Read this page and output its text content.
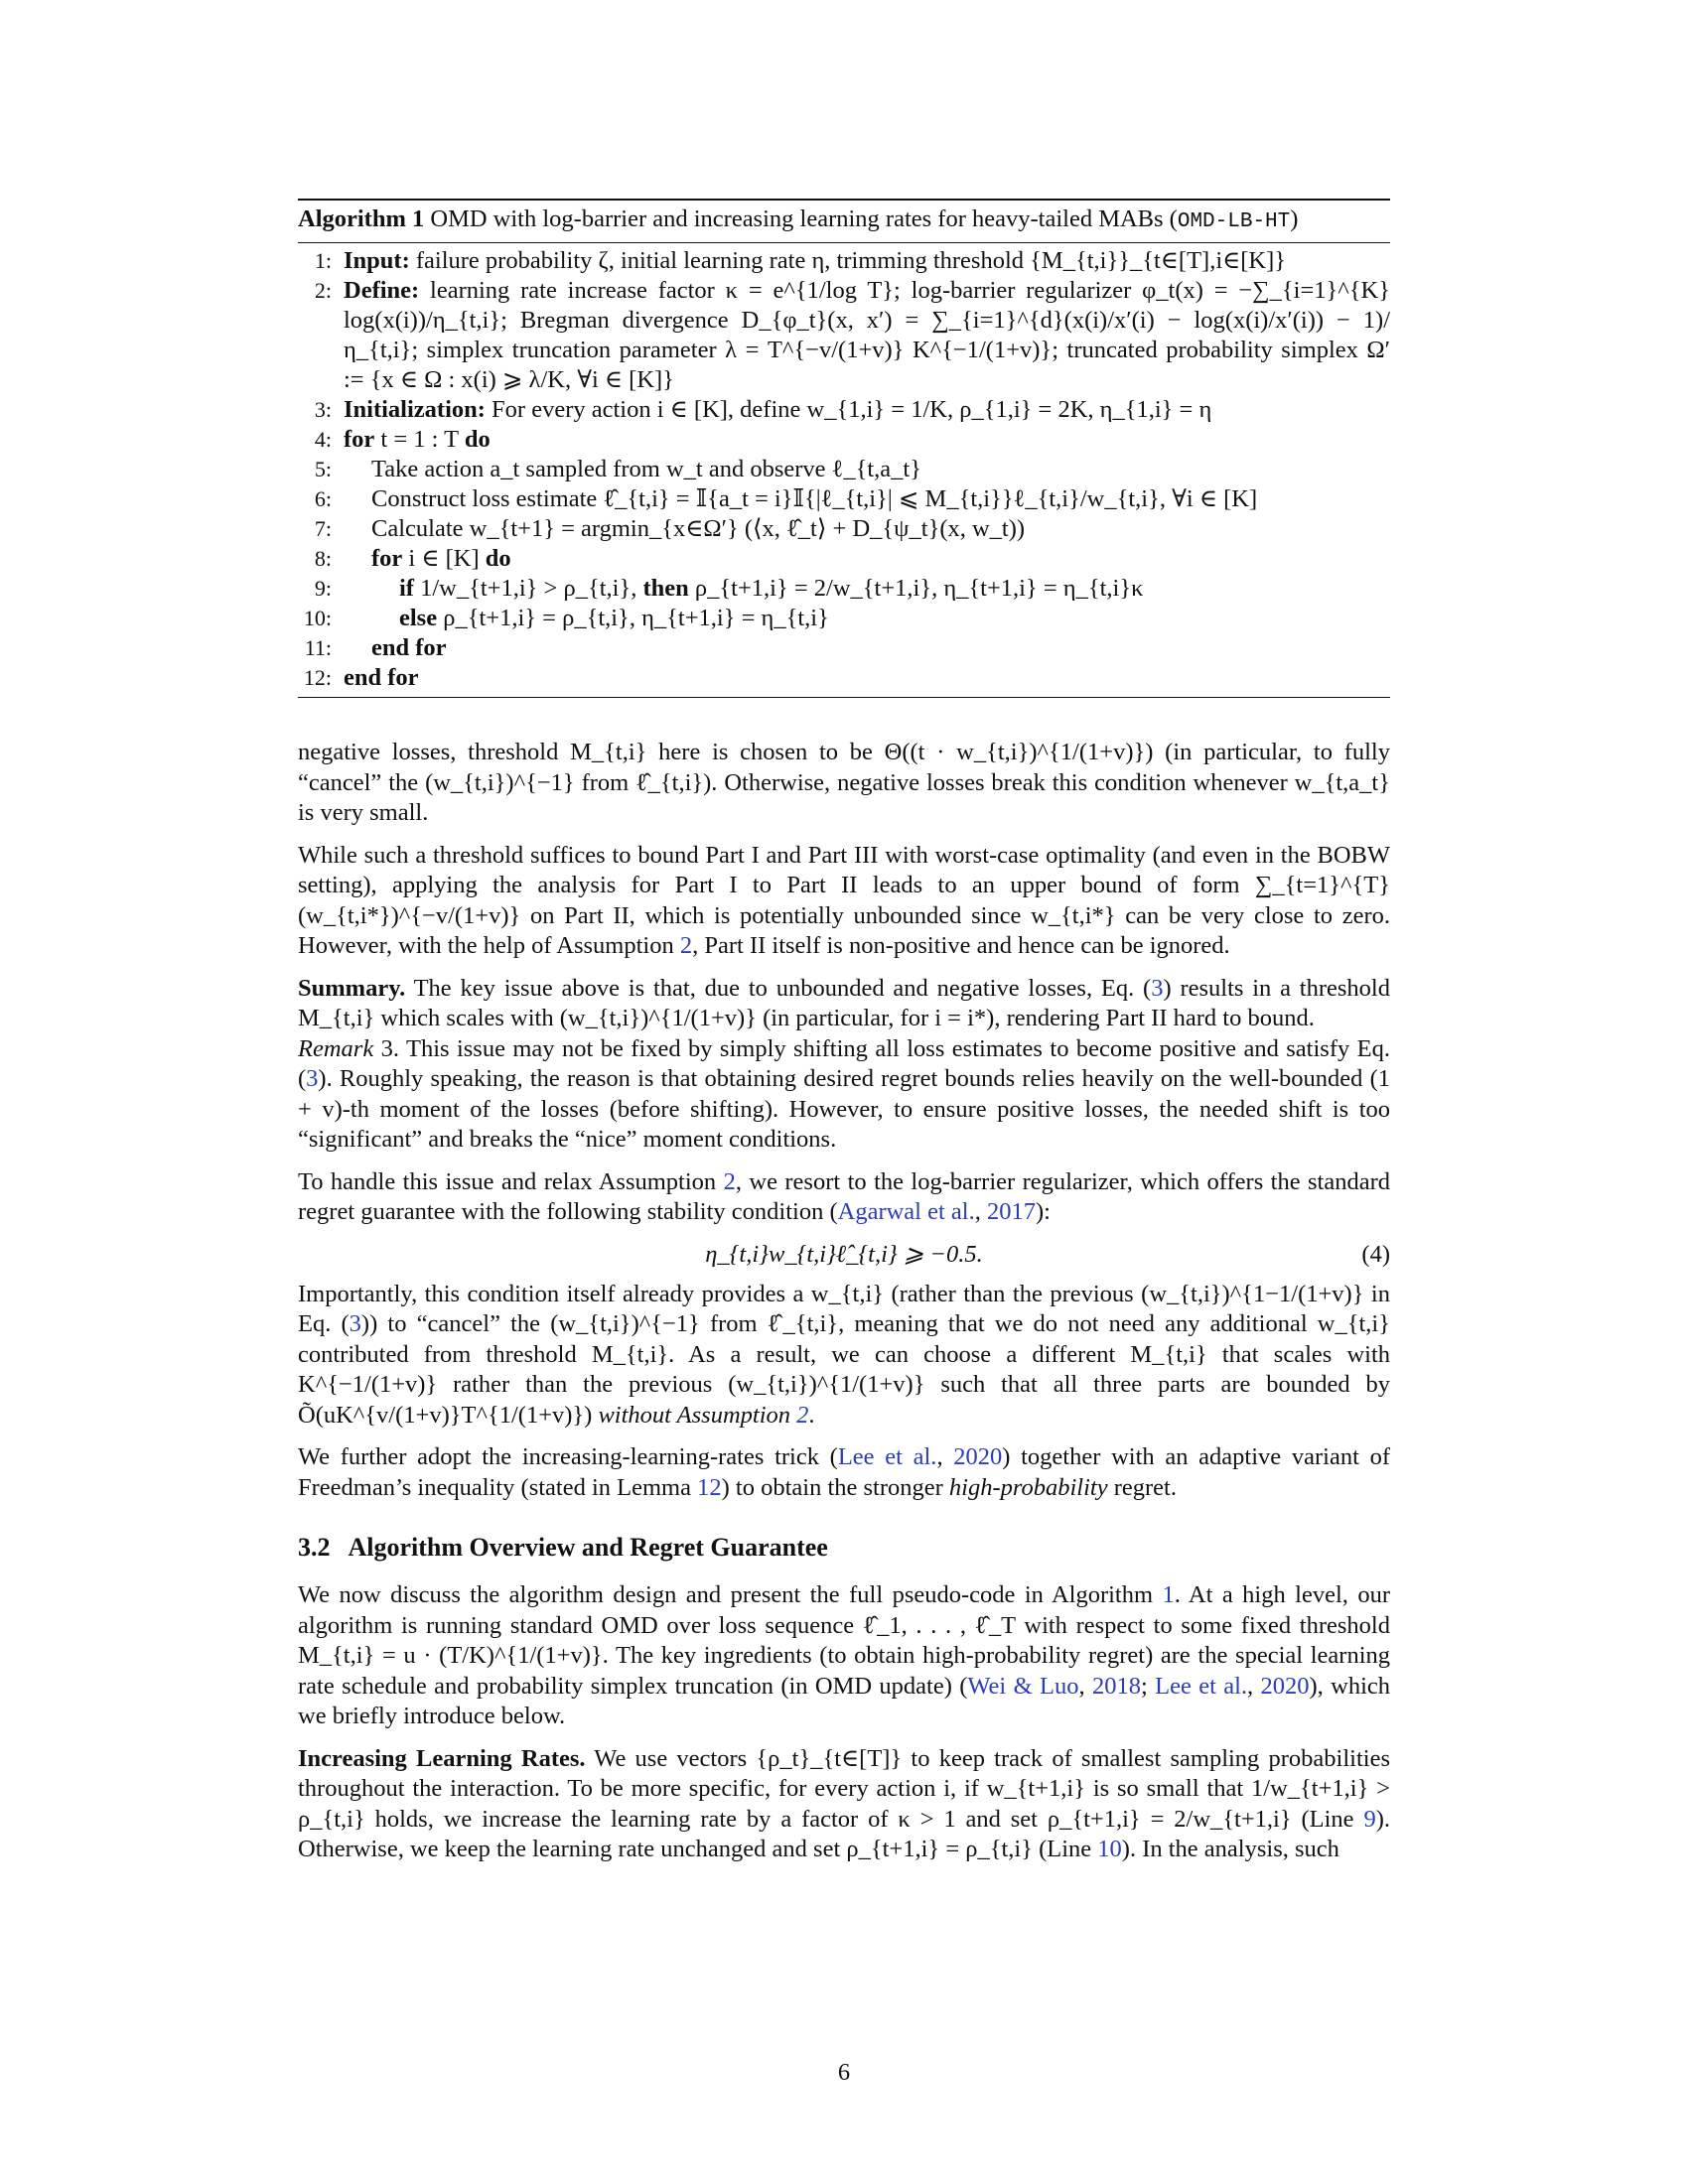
Algorithm 1 OMD with log-barrier and increasing learning rates for heavy-tailed MABs (OMD-LB-HT)
1: Input: failure probability ζ, initial learning rate η, trimming threshold {M_{t,i}}_{t∈[T],i∈[K]}
2: Define: learning rate increase factor κ = e^{1/log T}; log-barrier regularizer φ_t(x) = −∑_{i=1}^{K} log(x(i))/η_{t,i}; Bregman divergence D_{φ_t}(x, x′) = ∑_{i=1}^{d}(x(i)/x′(i) − log(x(i)/x′(i)) − 1)/η_{t,i}; simplex truncation parameter λ = T^{−v/(1+v)} K^{−1/(1+v)}; truncated probability simplex Ω′ := {x ∈ Ω : x(i) ⩾ λ/K, ∀i ∈ [K]}
3: Initialization: For every action i ∈ [K], define w_{1,i} = 1/K, ρ_{1,i} = 2K, η_{1,i} = η
4: for t = 1 : T do
5:	Take action a_t sampled from w_t and observe ℓ_{t,a_t}
6:	Construct loss estimate ℓ̂_{t,i} = 𝕀{a_t = i}𝕀{|ℓ_{t,i}| ⩽ M_{t,i}}ℓ_{t,i}/w_{t,i}, ∀i ∈ [K]
7:	Calculate w_{t+1} = argmin_{x∈Ω′} (⟨x, ℓ̂_t⟩ + D_{ψ_t}(x, w_t))
8:	for i ∈ [K] do
9:	if 1/w_{t+1,i} > ρ_{t,i}, then ρ_{t+1,i} = 2/w_{t+1,i}, η_{t+1,i} = η_{t,i}κ
10:	else ρ_{t+1,i} = ρ_{t,i}, η_{t+1,i} = η_{t,i}
11:	end for
12: end for

negative losses, threshold M_{t,i} here is chosen to be Θ((t · w_{t,i})^{1/(1+v)}) (in particular, to fully “cancel” the (w_{t,i})^{−1} from ℓ̂_{t,i}). Otherwise, negative losses break this condition whenever w_{t,a_t} is very small.

While such a threshold suffices to bound Part I and Part III with worst-case optimality (and even in the BOBW setting), applying the analysis for Part I to Part II leads to an upper bound of form ∑_{t=1}^{T}(w_{t,i*})^{−v/(1+v)} on Part II, which is potentially unbounded since w_{t,i*} can be very close to zero. However, with the help of Assumption 2, Part II itself is non-positive and hence can be ignored.

Summary. The key issue above is that, due to unbounded and negative losses, Eq. (3) results in a threshold M_{t,i} which scales with (w_{t,i})^{1/(1+v)} (in particular, for i = i*), rendering Part II hard to bound.

Remark 3. This issue may not be fixed by simply shifting all loss estimates to become positive and satisfy Eq. (3). Roughly speaking, the reason is that obtaining desired regret bounds relies heavily on the well-bounded (1 + v)-th moment of the losses (before shifting). However, to ensure positive losses, the needed shift is too “significant” and breaks the “nice” moment conditions.

To handle this issue and relax Assumption 2, we resort to the log-barrier regularizer, which offers the standard regret guarantee with the following stability condition (Agarwal et al., 2017):

η_{t,i}w_{t,i}ℓ̂_{t,i} ⩾ −0.5.	(4)

Importantly, this condition itself already provides a w_{t,i} (rather than the previous (w_{t,i})^{1−1/(1+v)} in Eq. (3)) to “cancel” the (w_{t,i})^{−1} from ℓ̂_{t,i}, meaning that we do not need any additional w_{t,i} contributed from threshold M_{t,i}. As a result, we can choose a different M_{t,i} that scales with K^{−1/(1+v)} rather than the previous (w_{t,i})^{1/(1+v)} such that all three parts are bounded by Õ(uK^{v/(1+v)}T^{1/(1+v)}) without Assumption 2.

We further adopt the increasing-learning-rates trick (Lee et al., 2020) together with an adaptive variant of Freedman’s inequality (stated in Lemma 12) to obtain the stronger high-probability regret.

3.2 Algorithm Overview and Regret Guarantee

We now discuss the algorithm design and present the full pseudo-code in Algorithm 1. At a high level, our algorithm is running standard OMD over loss sequence ℓ̂_1, . . . , ℓ̂_T with respect to some fixed threshold M_{t,i} = u · (T/K)^{1/(1+v)}. The key ingredients (to obtain high-probability regret) are the special learning rate schedule and probability simplex truncation (in OMD update) (Wei & Luo, 2018; Lee et al., 2020), which we briefly introduce below.

Increasing Learning Rates. We use vectors {ρ_t}_{t∈[T]} to keep track of smallest sampling probabilities throughout the interaction. To be more specific, for every action i, if w_{t+1,i} is so small that 1/w_{t+1,i} > ρ_{t,i} holds, we increase the learning rate by a factor of κ > 1 and set ρ_{t+1,i} = 2/w_{t+1,i} (Line 9). Otherwise, we keep the learning rate unchanged and set ρ_{t+1,i} = ρ_{t,i} (Line 10). In the analysis, such

6
